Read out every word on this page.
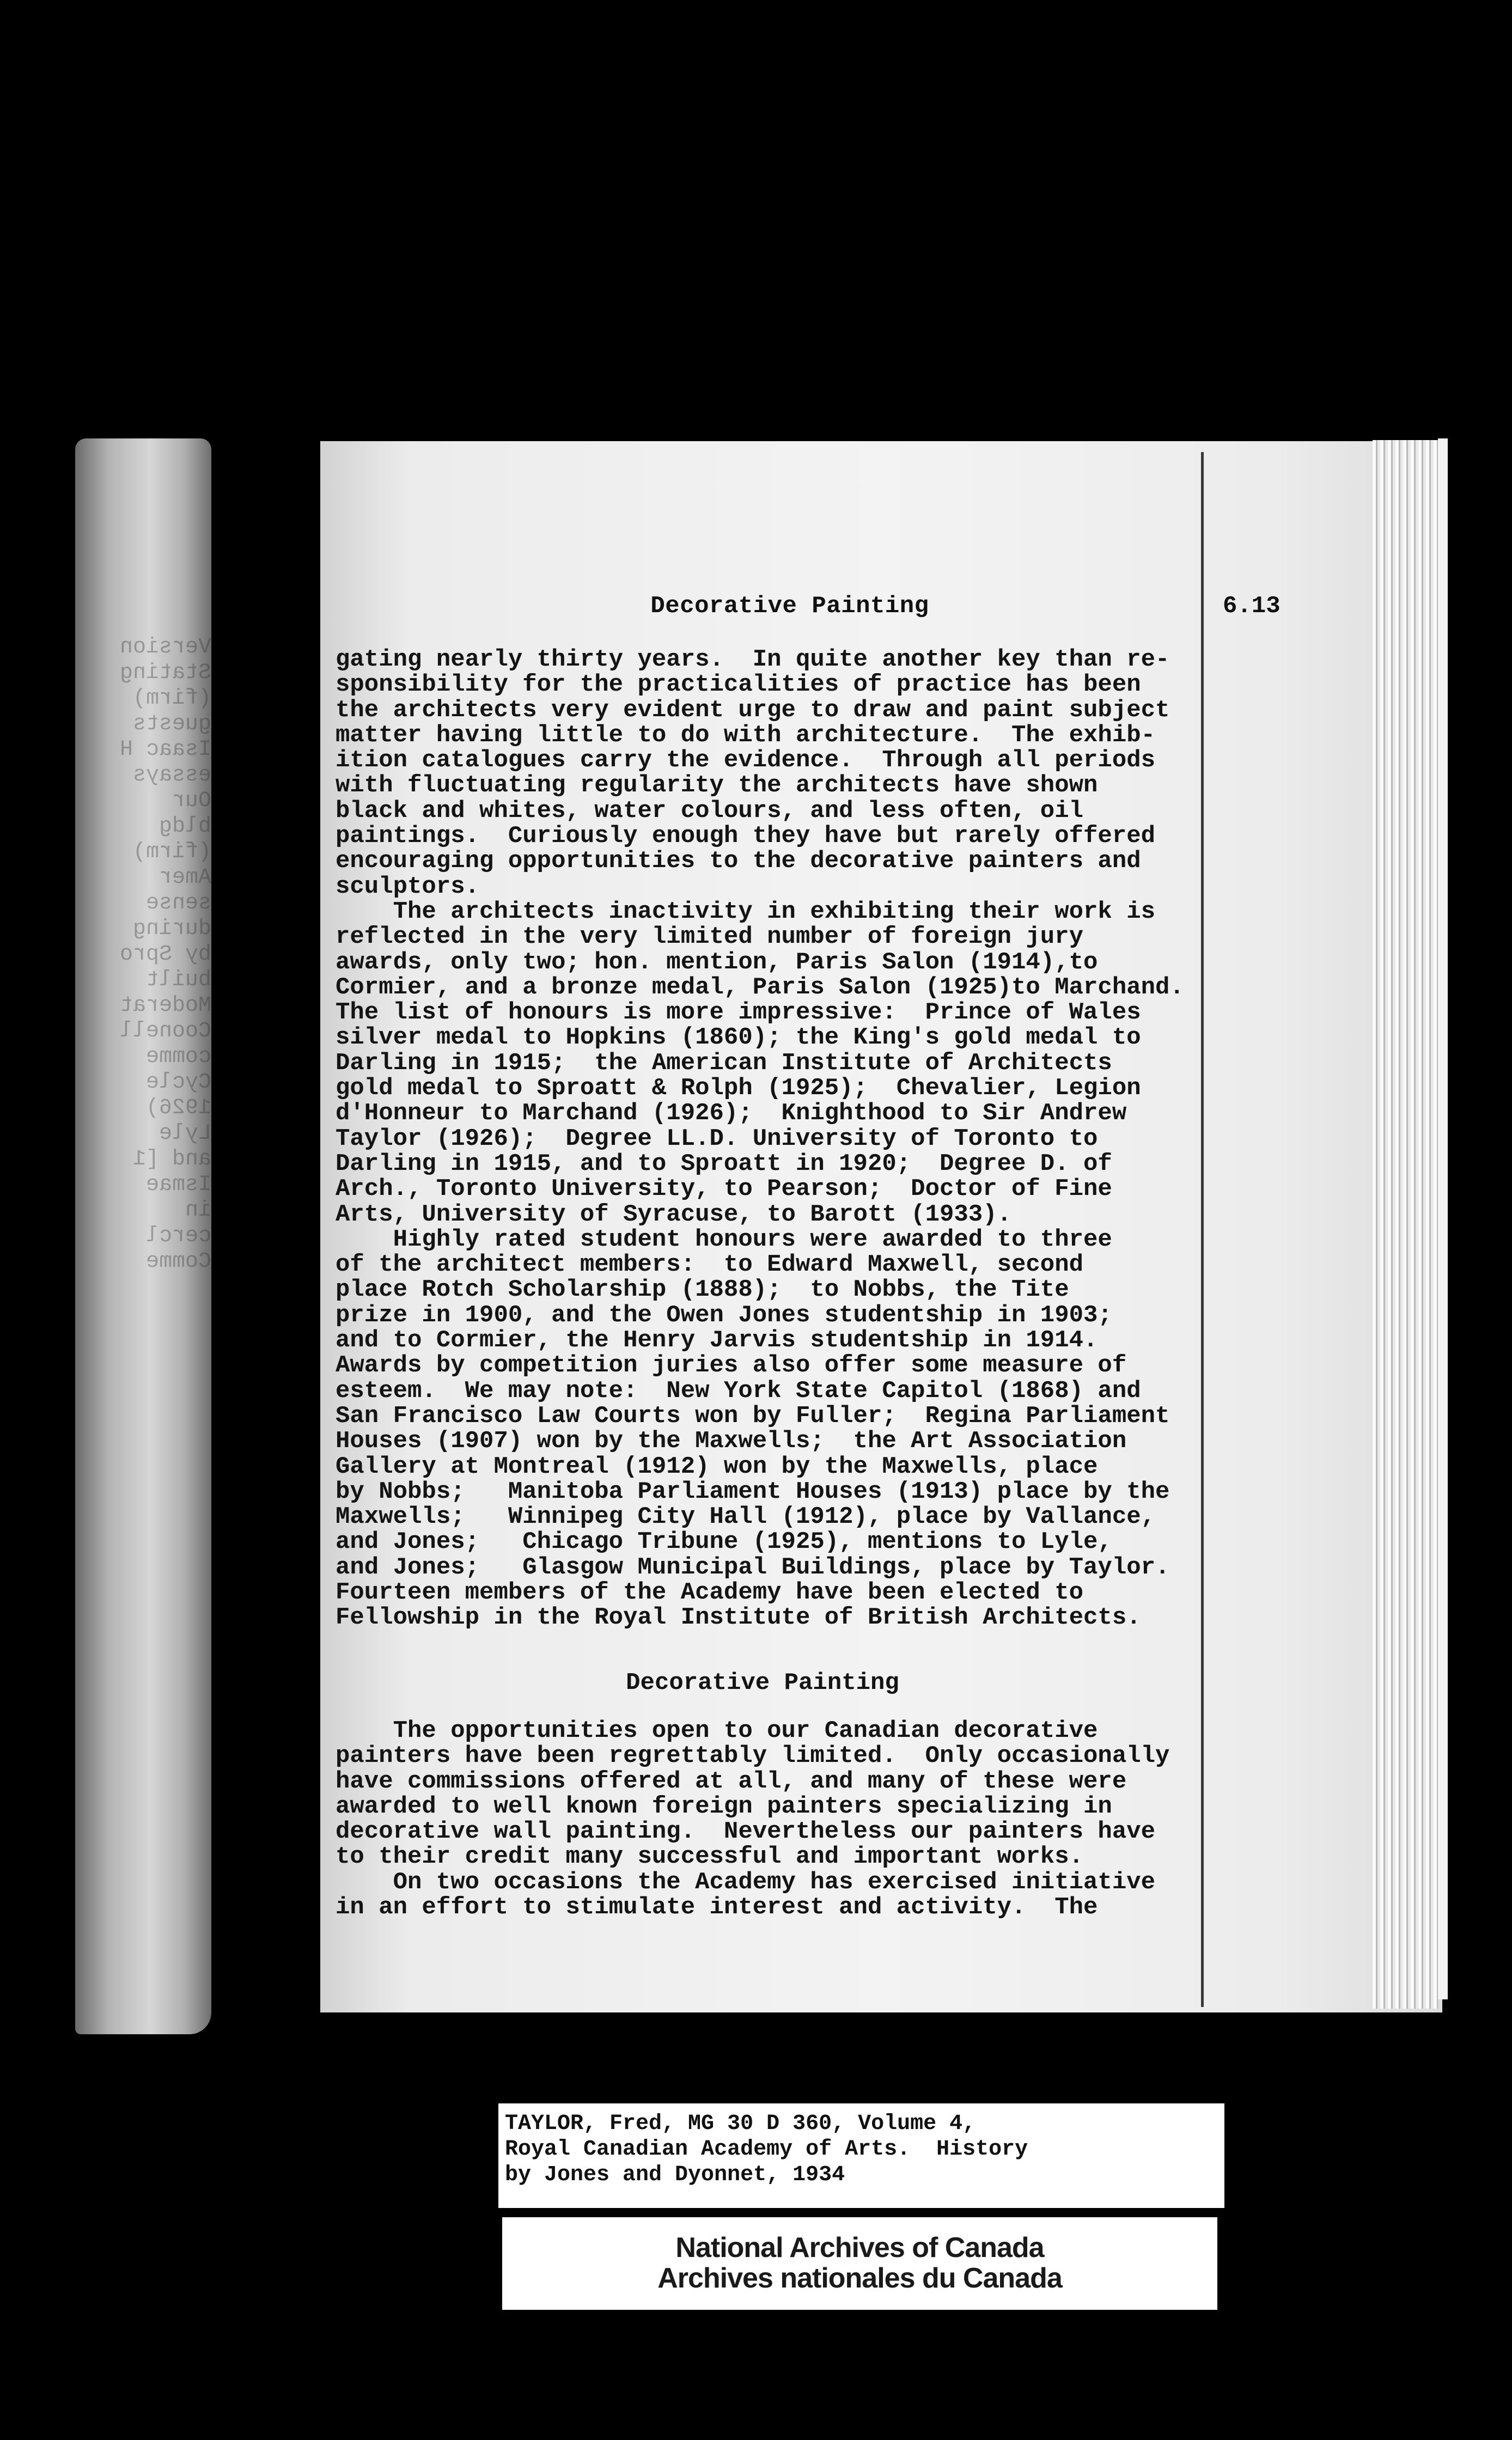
Version
Stating
(firm)
guests
Isaac H
essays
Our
bldg
(firm)
Amer
sense
during
by Spro
built
Moderat
Coonell
comme
Cycle
1926)
Lyle
and [1
Ismae
in
cercl
Comme
Decorative Painting	6.13
gating nearly thirty years.  In quite another key than re-
sponsibility for the practicalities of practice has been
the architects very evident urge to draw and paint subject
matter having little to do with architecture.  The exhib-
ition catalogues carry the evidence.  Through all periods
with fluctuating regularity the architects have shown
black and whites, water colours, and less often, oil
paintings.  Curiously enough they have but rarely offered
encouraging opportunities to the decorative painters and
sculptors.
The architects inactivity in exhibiting their work is
reflected in the very limited number of foreign jury
awards, only two; hon. mention, Paris Salon (1914),to
Cormier, and a bronze medal, Paris Salon (1925)to Marchand.
The list of honours is more impressive:  Prince of Wales
silver medal to Hopkins (1860); the King's gold medal to
Darling in 1915;  the American Institute of Architects
gold medal to Sproatt & Rolph (1925);  Chevalier, Legion
d'Honneur to Marchand (1926);  Knighthood to Sir Andrew
Taylor (1926);  Degree LL.D. University of Toronto to
Darling in 1915, and to Sproatt in 1920;  Degree D. of
Arch., Toronto University, to Pearson;  Doctor of Fine
Arts, University of Syracuse, to Barott (1933).
Highly rated student honours were awarded to three
of the architect members:  to Edward Maxwell, second
place Rotch Scholarship (1888);  to Nobbs, the Tite
prize in 1900, and the Owen Jones studentship in 1903;
and to Cormier, the Henry Jarvis studentship in 1914.
Awards by competition juries also offer some measure of
esteem.  We may note:  New York State Capitol (1868) and
San Francisco Law Courts won by Fuller;  Regina Parliament
Houses (1907) won by the Maxwells;  the Art Association
Gallery at Montreal (1912) won by the Maxwells, place
by Nobbs;   Manitoba Parliament Houses (1913) place by the
Maxwells;   Winnipeg City Hall (1912), place by Vallance,
and Jones;   Chicago Tribune (1925), mentions to Lyle,
and Jones;   Glasgow Municipal Buildings, place by Taylor.
Fourteen members of the Academy have been elected to
Fellowship in the Royal Institute of British Architects.
Decorative Painting
The opportunities open to our Canadian decorative
painters have been regrettably limited.  Only occasionally
have commissions offered at all, and many of these were
awarded to well known foreign painters specializing in
decorative wall painting.  Nevertheless our painters have
to their credit many successful and important works.
On two occasions the Academy has exercised initiative
in an effort to stimulate interest and activity.  The
TAYLOR, Fred, MG 30 D 360, Volume 4,
Royal Canadian Academy of Arts.  History
by Jones and Dyonnet, 1934
National Archives of Canada
Archives nationales du Canada
